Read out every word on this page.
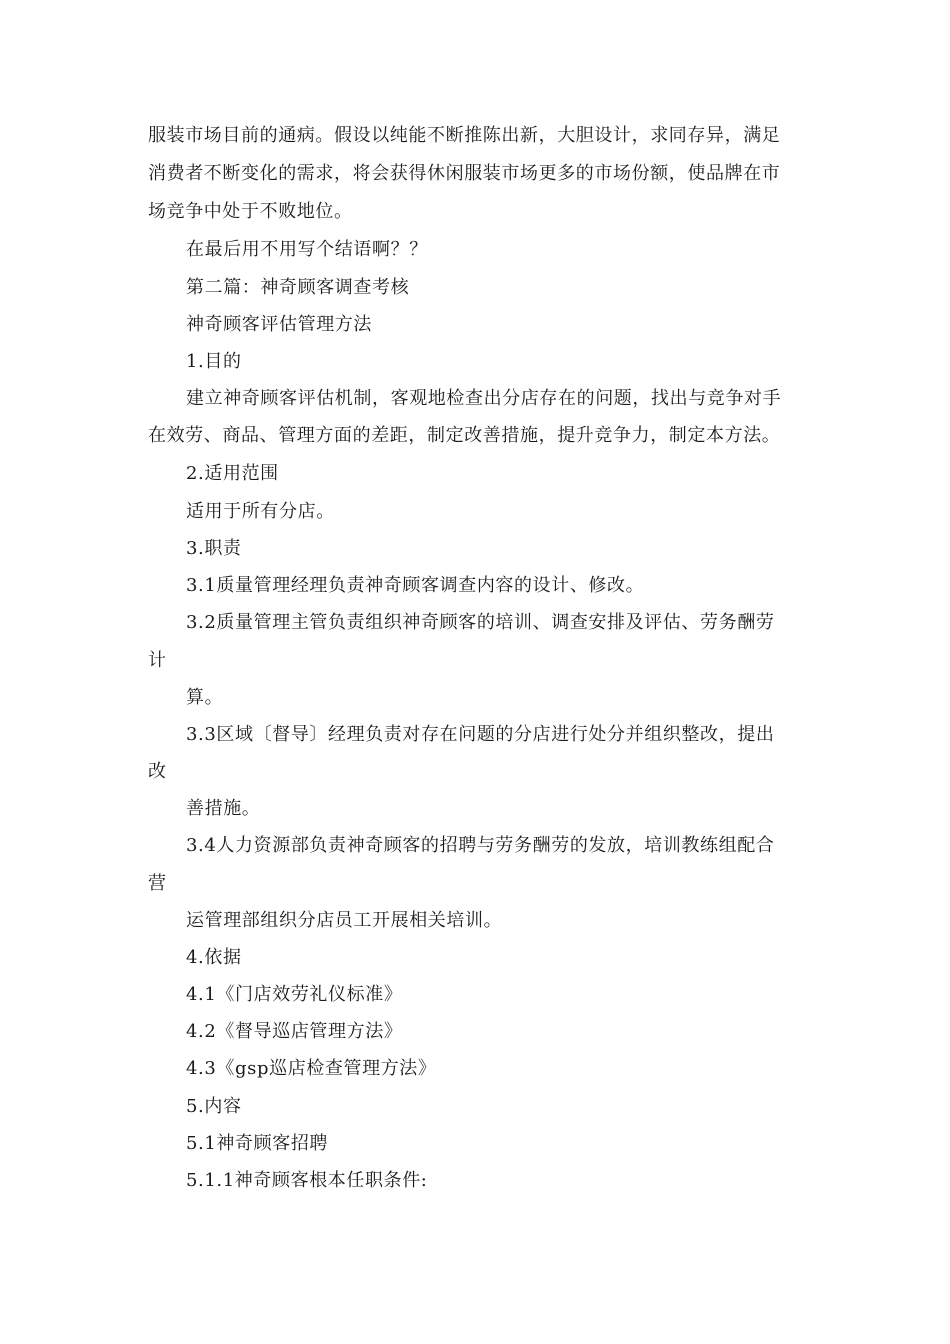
服装市场目前的通病。假设以纯能不断推陈出新，大胆设计，求同存异，满足
消费者不断变化的需求，将会获得休闲服装市场更多的市场份额，使品牌在市
场竞争中处于不败地位。
在最后用不用写个结语啊？？
第二篇：神奇顾客调查考核
神奇顾客评估管理方法
1.目的
建立神奇顾客评估机制，客观地检查出分店存在的问题，找出与竞争对手
在效劳、商品、管理方面的差距，制定改善措施，提升竞争力，制定本方法。
2.适用范围
适用于所有分店。
3.职责
3.1质量管理经理负责神奇顾客调查内容的设计、修改。
3.2质量管理主管负责组织神奇顾客的培训、调查安排及评估、劳务酬劳
计
算。
3.3区域〔督导〕经理负责对存在问题的分店进行处分并组织整改，提出
改
善措施。
3.4人力资源部负责神奇顾客的招聘与劳务酬劳的发放，培训教练组配合
营
运管理部组织分店员工开展相关培训。
4.依据
4.1《门店效劳礼仪标准》
4.2《督导巡店管理方法》
4.3《gsp巡店检查管理方法》
5.内容
5.1神奇顾客招聘
5.1.1神奇顾客根本任职条件:
